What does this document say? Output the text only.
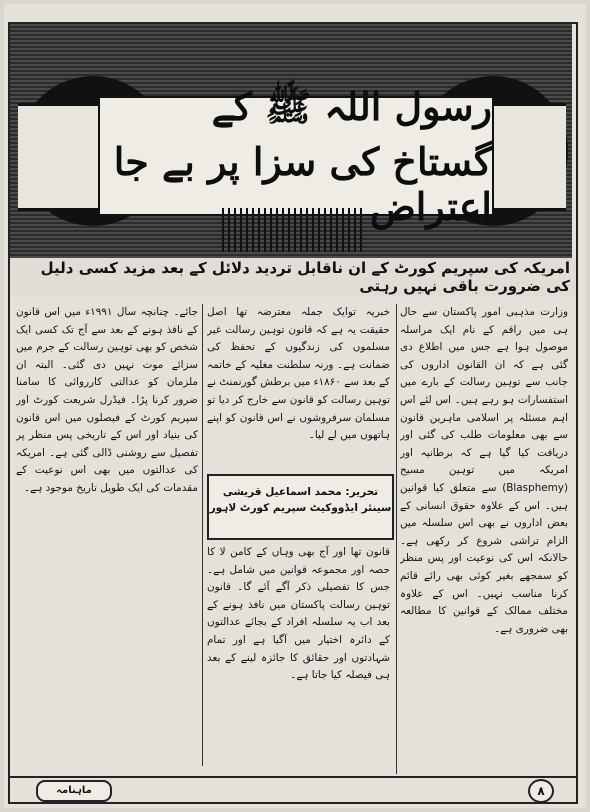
رسول اللہ ﷺ کے گستاخ کی سزا پر بے جا اعتراض
امریکہ کی سپریم کورٹ کے ان ناقابل تردید دلائل کے بعد مزید کسی دلیل کی ضرورت باقی نہیں رہتی

وزارت مذہبی امور پاکستان سے حال ہی میں راقم کے نام ایک مراسلہ موصول ہوا ہے جس میں اطلاع دی گئی ہے کہ ان القانون اداروں کی جانب سے توہین رسالت کے بارے میں استفسارات ہو رہے ہیں۔ اس لئے اس اہم مسئلہ پر اسلامی ماہرین قانون سے بھی معلومات طلب کی گئی اور دریافت کیا گیا ہے کہ برطانیہ اور امریکہ میں توہین مسیح (Blasphemy) سے متعلق کیا قوانین ہیں۔ اس کے علاوہ حقوق انسانی کے بعض اداروں نے بھی اس سلسلہ میں الزام تراشی شروع کر رکھی ہے۔ حالانکہ اس کی نوعیت اور پس منظر کو سمجھے بغیر کوئی بھی رائے قائم کرنا مناسب نہیں۔ اس کے علاوہ مختلف ممالک کے قوانین کا مطالعہ بھی ضروری ہے۔

خبریہ توایک جملہ معترضہ تھا اصل حقیقت یہ ہے کہ قانون توہین رسالت غیر مسلموں کی زندگیوں کے تحفظ کی ضمانت ہے۔ ورنہ سلطنت مغلیہ کے خاتمہ کے بعد سے ۱۸۶۰ء میں برطش گورنمنٹ نے توہین رسالت کو قانون سے خارج کر دیا تو مسلمان سرفروشوں نے اس قانون کو اپنے ہاتھوں میں لے لیا۔

تحریر: محمد اسماعیل قریشی
سینئر ایڈووکیٹ سپریم کورٹ لاہور

قانون تھا اور آج بھی وہاں کے کامن لا کا حصہ اور مجموعہ قوانین میں شامل ہے۔ جس کا تفصیلی ذکر آگے آئے گا۔ قانون توہین رسالت پاکستان میں نافذ ہونے کے بعد اب یہ سلسلہ افراد کے بجائے عدالتوں کے دائرہ اختیار میں آگیا ہے اور تمام شہادتوں اور حقائق کا جائزہ لینے کے بعد ہی فیصلہ کیا جاتا ہے۔

جائے۔ چنانچہ سال ۱۹۹۱ء میں اس قانون کے نافذ ہونے کے بعد سے آج تک کسی ایک شخص کو بھی توہین رسالت کے جرم میں سزائے موت نہیں دی گئی۔ البتہ ان ملزمان کو عدالتی کارروائی کا سامنا ضرور کرنا پڑا۔ فیڈرل شریعت کورٹ اور سپریم کورٹ کے فیصلوں میں اس قانون کی بنیاد اور اس کے تاریخی پس منظر پر تفصیل سے روشنی ڈالی گئی ہے۔ امریکہ کی عدالتوں میں بھی اس نوعیت کے مقدمات کی ایک طویل تاریخ موجود ہے۔

ماہنامہ	۸
